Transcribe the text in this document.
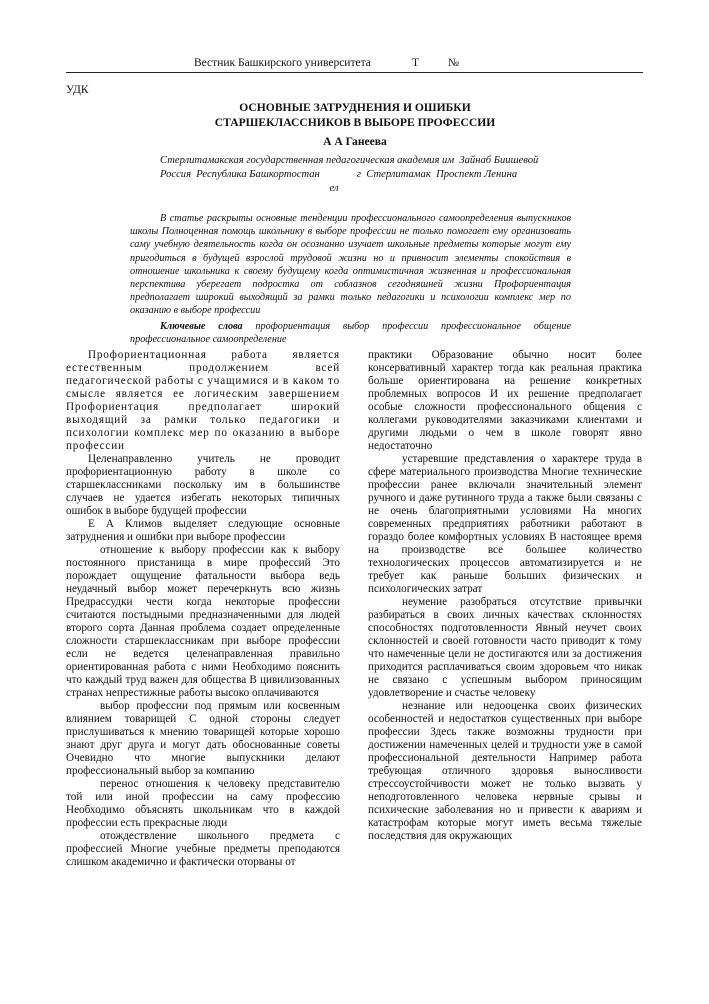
Вестник Башкирского университета	Т	№
УДК
ОСНОВНЫЕ ЗАТРУДНЕНИЯ И ОШИБКИ
СТАРШЕКЛАССНИКОВ В ВЫБОРЕ ПРОФЕССИИ
А А Ганеева
Стерлитамакская государственная педагогическая академия им  Зайнаб Биишевой
Россия  Республика Башкортостан              г  Стерлитамак  Проспект Ленина
ел
В статье раскрыты основные тенденции профессионального самоопределения выпускников школы Полноценная помощь школьнику в выборе профессии не только помогает ему организовать саму учебную деятельность когда он осознанно изучает школьные предметы которые могут ему пригодиться в будущей взрослой трудовой жизни но и привносит элементы спокойствия в отношение школьника к своему будущему когда оптимистичная жизненная и профессиональная перспектива уберегает подростка от соблазнов сегодняшней жизни Профориентация предполагает широкий выходящий за рамки только педагогики и психологии комплекс мер по оказанию в выборе профессии
Ключевые слова профориентация выбор профессии профессиональное общение профессиональное самоопределение

Профориентационная работа является естественным продолжением всей педагогической работы с учащимися и в каком то смысле является ее логическим завершением Профориентация предполагает широкий выходящий за рамки только педагогики и психологии комплекс мер по оказанию в выборе профессии

Целенаправленно учитель не проводит профориентационную работу в школе со старшеклассниками поскольку им в большинстве случаев не удается избегать некоторых типичных ошибок в выборе будущей профессии

Е А Климов выделяет следующие основные затруднения и ошибки при выборе профессии

отношение к выбору профессии как к выбору постоянного пристанища в мире профессий Это порождает ощущение фатальности выбора ведь неудачный выбор может перечеркнуть всю жизнь Предрассудки чести когда некоторые профессии считаются постыдными предназначенными для людей второго сорта Данная проблема создает определенные сложности старшеклассникам при выборе профессии если не ведется целенаправленная правильно ориентированная работа с ними Необходимо пояснить что каждый труд важен для общества В цивилизованных странах непрестижные работы высоко оплачиваются

выбор профессии под прямым или косвенным влиянием товарищей С одной стороны следует прислушиваться к мнению товарищей которые хорошо знают друг друга и могут дать обоснованные советы Очевидно что многие выпускники делают профессиональный выбор за компанию

перенос отношения к человеку представителю той или иной профессии на саму профессию Необходимо объяснять школьникам что в каждой профессии есть прекрасные люди

отождествление школьного предмета с профессией Многие учебные предметы преподаются слишком академично и фактически оторваны от

практики Образование обычно носит более консервативный характер тогда как реальная практика больше ориентирована на решение конкретных проблемных вопросов И их решение предполагает особые сложности профессионального общения с коллегами руководителями заказчиками клиентами и другими людьми о чем в школе говорят явно недостаточно

устаревшие представления о характере труда в сфере материального производства Многие технические профессии ранее включали значительный элемент ручного и даже рутинного труда а также были связаны с не очень благоприятными условиями На многих современных предприятиях работники работают в гораздо более комфортных условиях В настоящее время на производстве все большее количество технологических процессов автоматизируется и не требует как раньше больших физических и психологических затрат

неумение разобраться отсутствие привычки разбираться в своих личных качествах склонностях способностях подготовленности Явный неучет своих склонностей и своей готовности часто приводит к тому что намеченные цели не достигаются или за достижения приходится расплачиваться своим здоровьем что никак не связано с успешным выбором приносящим удовлетворение и счастье человеку

незнание или недооценка своих физических особенностей и недостатков существенных при выборе профессии Здесь также возможны трудности при достижении намеченных целей и трудности уже в самой профессиональной деятельности Например работа требующая отличного здоровья выносливости стрессоустойчивости может не только вызвать у неподготовленного человека нервные срывы и психические заболевания но и привести к авариям и катастрофам которые могут иметь весьма тяжелые последствия для окружающих
